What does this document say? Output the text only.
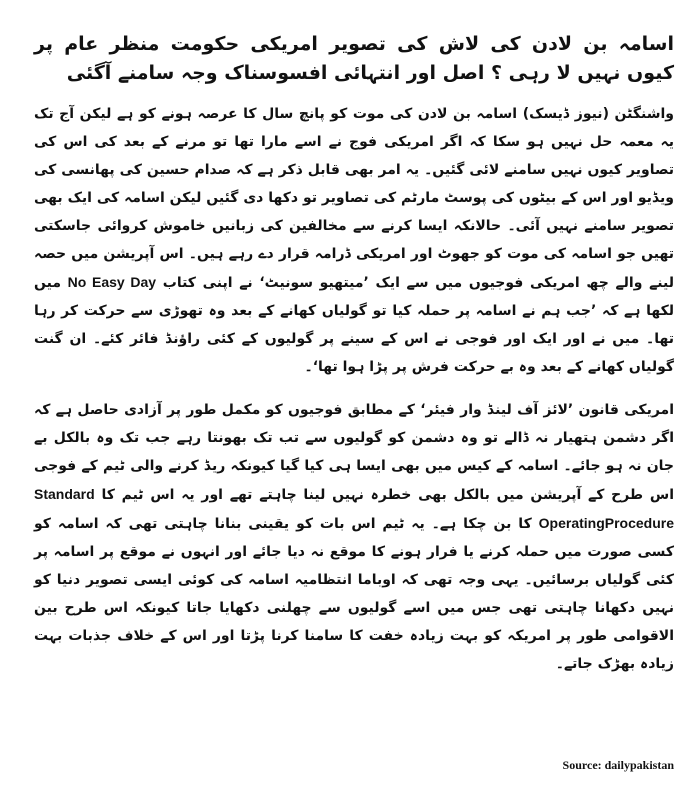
اسامہ بن لادن کی لاش کی تصویر امریکی حکومت منظر عام پر کیوں نہیں لا رہی ؟ اصل اور انتہائی افسوسناک وجہ سامنے آگئی

واشنگٹن (نیوز ڈیسک) اسامہ بن لادن کی موت کو پانچ سال کا عرصہ ہونے کو ہے لیکن آج تک یہ معمہ حل نہیں ہو سکا کہ اگر امریکی فوج نے اسے مارا تھا تو مرنے کے بعد کی اس کی تصاویر کیوں نہیں سامنے لائی گئیں۔ یہ امر بھی قابل ذکر ہے کہ صدام حسین کی پھانسی کی ویڈیو اور اس کے بیٹوں کی پوسٹ مارٹم کی تصاویر تو دکھا دی گئیں لیکن اسامہ کی ایک بھی تصویر سامنے نہیں آئی۔ حالانکہ ایسا کرنے سے مخالفین کی زبانیں خاموش کروائی جاسکتی تھیں جو اسامہ کی موت کو جھوٹ اور امریکی ڈرامہ قرار دے رہے ہیں۔ اس آپریشن میں حصہ لینے والے چھ امریکی فوجیوں میں سے ایک ’میتھیو سونیٹ‘ نے اپنی کتاب No Easy Day میں لکھا ہے کہ ’جب ہم نے اسامہ پر حملہ کیا تو گولیاں کھانے کے بعد وہ تھوڑی سے حرکت کر رہا تھا۔ میں نے اور ایک اور فوجی نے اس کے سینے پر گولیوں کے کئی راﺅنڈ فائر کئے۔ ان گنت گولیاں کھانے کے بعد وہ بے حرکت فرش پر پڑا ہوا تھا‘۔

امریکی قانون ’لائز آف لینڈ وار فیئر‘ کے مطابق فوجیوں کو مکمل طور پر آزادی حاصل ہے کہ اگر دشمن ہتھیار نہ ڈالے تو وہ دشمن کو گولیوں سے تب تک بھونتا رہے جب تک وہ بالکل بے جان نہ ہو جائے۔ اسامہ کے کیس میں بھی ایسا ہی کیا گیا کیونکہ ریڈ کرنے والی ٹیم کے فوجی اس طرح کے آپریشن میں بالکل بھی خطرہ نہیں لینا چاہتے تھے اور یہ اس ٹیم کا Standard OperatingProcedure کا بن چکا ہے۔ یہ ٹیم اس بات کو یقینی بنانا چاہتی تھی کہ اسامہ کو کسی صورت میں حملہ کرنے یا فرار ہونے کا موقع نہ دیا جائے اور انہوں نے موقع پر اسامہ پر کئی گولیاں برسائیں۔ یہی وجہ تھی کہ اوباما انتظامیہ اسامہ کی کوئی ایسی تصویر دنیا کو نہیں دکھانا چاہتی تھی جس میں اسے گولیوں سے چھلنی دکھایا جاتا کیونکہ اس طرح بین الاقوامی طور پر امریکہ کو بہت زیادہ خفت کا سامنا کرنا پڑتا اور اس کے خلاف جذبات بہت زیادہ بھڑک جاتے۔

Source: dailypakistan
